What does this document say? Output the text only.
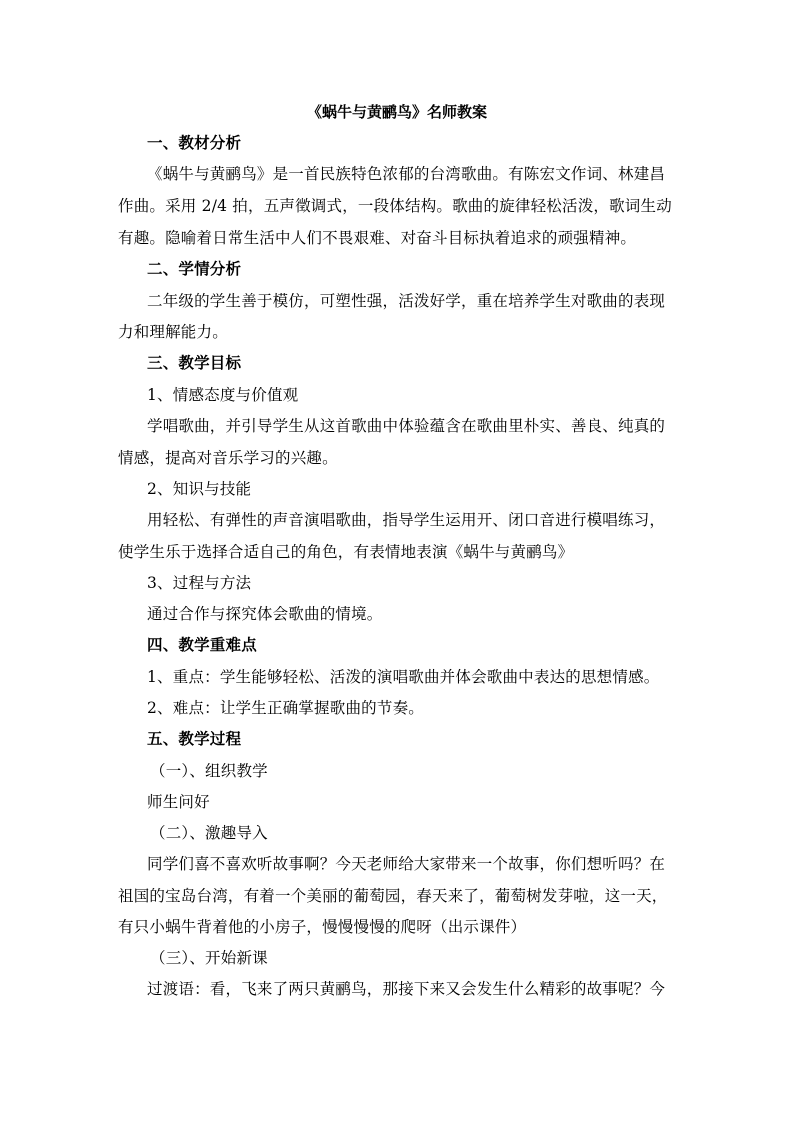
《蜗牛与黄鹂鸟》名师教案
一、教材分析
《蜗牛与黄鹂鸟》是一首民族特色浓郁的台湾歌曲。有陈宏文作词、林建昌
作曲。采用 2/4 拍，五声徵调式，一段体结构。歌曲的旋律轻松活泼，歌词生动
有趣。隐喻着日常生活中人们不畏艰难、对奋斗目标执着追求的顽强精神。
二、学情分析
二年级的学生善于模仿，可塑性强，活泼好学，重在培养学生对歌曲的表现
力和理解能力。
三、教学目标
1、情感态度与价值观
学唱歌曲，并引导学生从这首歌曲中体验蕴含在歌曲里朴实、善良、纯真的
情感，提高对音乐学习的兴趣。
2、知识与技能
用轻松、有弹性的声音演唱歌曲，指导学生运用开、闭口音进行模唱练习，
使学生乐于选择合适自己的角色，有表情地表演《蜗牛与黄鹂鸟》
3、过程与方法
通过合作与探究体会歌曲的情境。
四、教学重难点
1、重点：学生能够轻松、活泼的演唱歌曲并体会歌曲中表达的思想情感。
2、难点：让学生正确掌握歌曲的节奏。
五、教学过程
（一）、组织教学
师生问好
（二）、激趣导入
同学们喜不喜欢听故事啊？今天老师给大家带来一个故事，你们想听吗？在
祖国的宝岛台湾，有着一个美丽的葡萄园，春天来了，葡萄树发芽啦，这一天，
有只小蜗牛背着他的小房子，慢慢慢慢的爬呀（出示课件）
（三）、开始新课
过渡语：看，飞来了两只黄鹂鸟，那接下来又会发生什么精彩的故事呢？今
